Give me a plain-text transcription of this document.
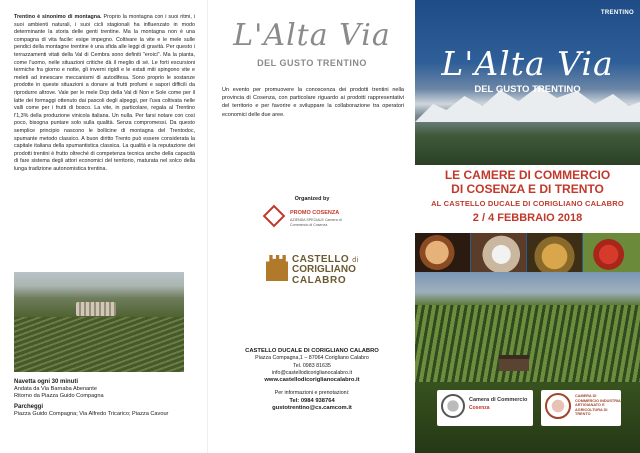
Trentino è sinonimo di montagna. Proprio la montagna con i suoi ritmi, i suoi ambienti naturali, i suoi cicli stagionali ha influenzato in modo determinante la storia delle genti trentine. Ma la montagna non è una compagna di vita facile: esige impegno. Coltivare la vite e le mele sulle pendici della montagne trentine è una sfida alle leggi di gravità. Per questo i terrazzamenti vitati della Val di Cembra sono definiti "eroici". Ma la pianta, come l'uomo, nelle situazioni critiche dà il meglio di sé. Le forti escursioni termiche fra giorno e notte, gli inverni rigidi e le estati miti spingono vite e meleti ad innescare meccanismi di autodifesa. Sono proprio le sostanze prodotte in queste situazioni a donare ai frutti profumi e sapori difficili da riprodurre altrove. Vale per le mele Dop della Val di Non e Sole come per il latte dei formaggi ottenuto dai pascoli degli alpeggi, per l'uva coltivata nelle valli come per i frutti di bosco. La vite, in particolare, regala al Trentino l'1,3% della produzione vinicola italiana. Un nulla. Per farsi notare con così poco, bisogna puntare solo sulla qualità. Senza compromessi. Da questo semplice principio nascono le bollicine di montagna del Trentodoc, spumante metodo classico. A buon diritto Trento può essere considerata la capitale italiana della spumantistica classica. La qualità e la reputazione dei prodotti trentini è frutto oltreché di competenza tecnica anche della capacità di fare sistema degli attori economici del territorio, maturata nel solco della lunga tradizione autonomistica trentina.

Navetta ogni 30 minuti
Andata da Via Barnaba Abenante
Ritorno da Piazza Guido Compagna
Parcheggi
Piazza Guido Compagna; Via Alfredo Tricarico; Piazza Cavour
L'Alta Via
DEL GUSTO TRENTINO

Un evento per promuovere la conoscenza dei prodotti trentini nella provincia di Cosenza, con particolare riguardo ai prodotti rappresentativi del territorio e per favorire e sviluppare la collaborazione tra operatori economici delle due aree.

Organized by
PROMO COSENZA
AZIENDA SPECIALE Camera di Commercio di Cosenza
CASTELLO di
CORIGLIANO
CALABRO
CASTELLO DUCALE DI CORIGLIANO CALABRO
Piazza Compagna,1 – 87064 Corigliano Calabro
Tel. 0983 81635
info@castellodicoriglianocalabro.it
www.castellodicoriglianocalabro.it
Per informazioni e prenotazioni:
Tel: 0984 938764
gustotrentino@cs.camcom.it
TRENTINO
L'Alta Via
DEL GUSTO TRENTINO
LE CAMERE DI COMMERCIO
DI COSENZA E DI TRENTO
AL CASTELLO DUCALE DI CORIGLIANO CALABRO
2 / 4 FEBBRAIO 2018
Camera di Commercio
Cosenza
CAMERA DI COMMERCIO INDUSTRIA ARTIGIANATO E AGRICOLTURA DI TRENTO
